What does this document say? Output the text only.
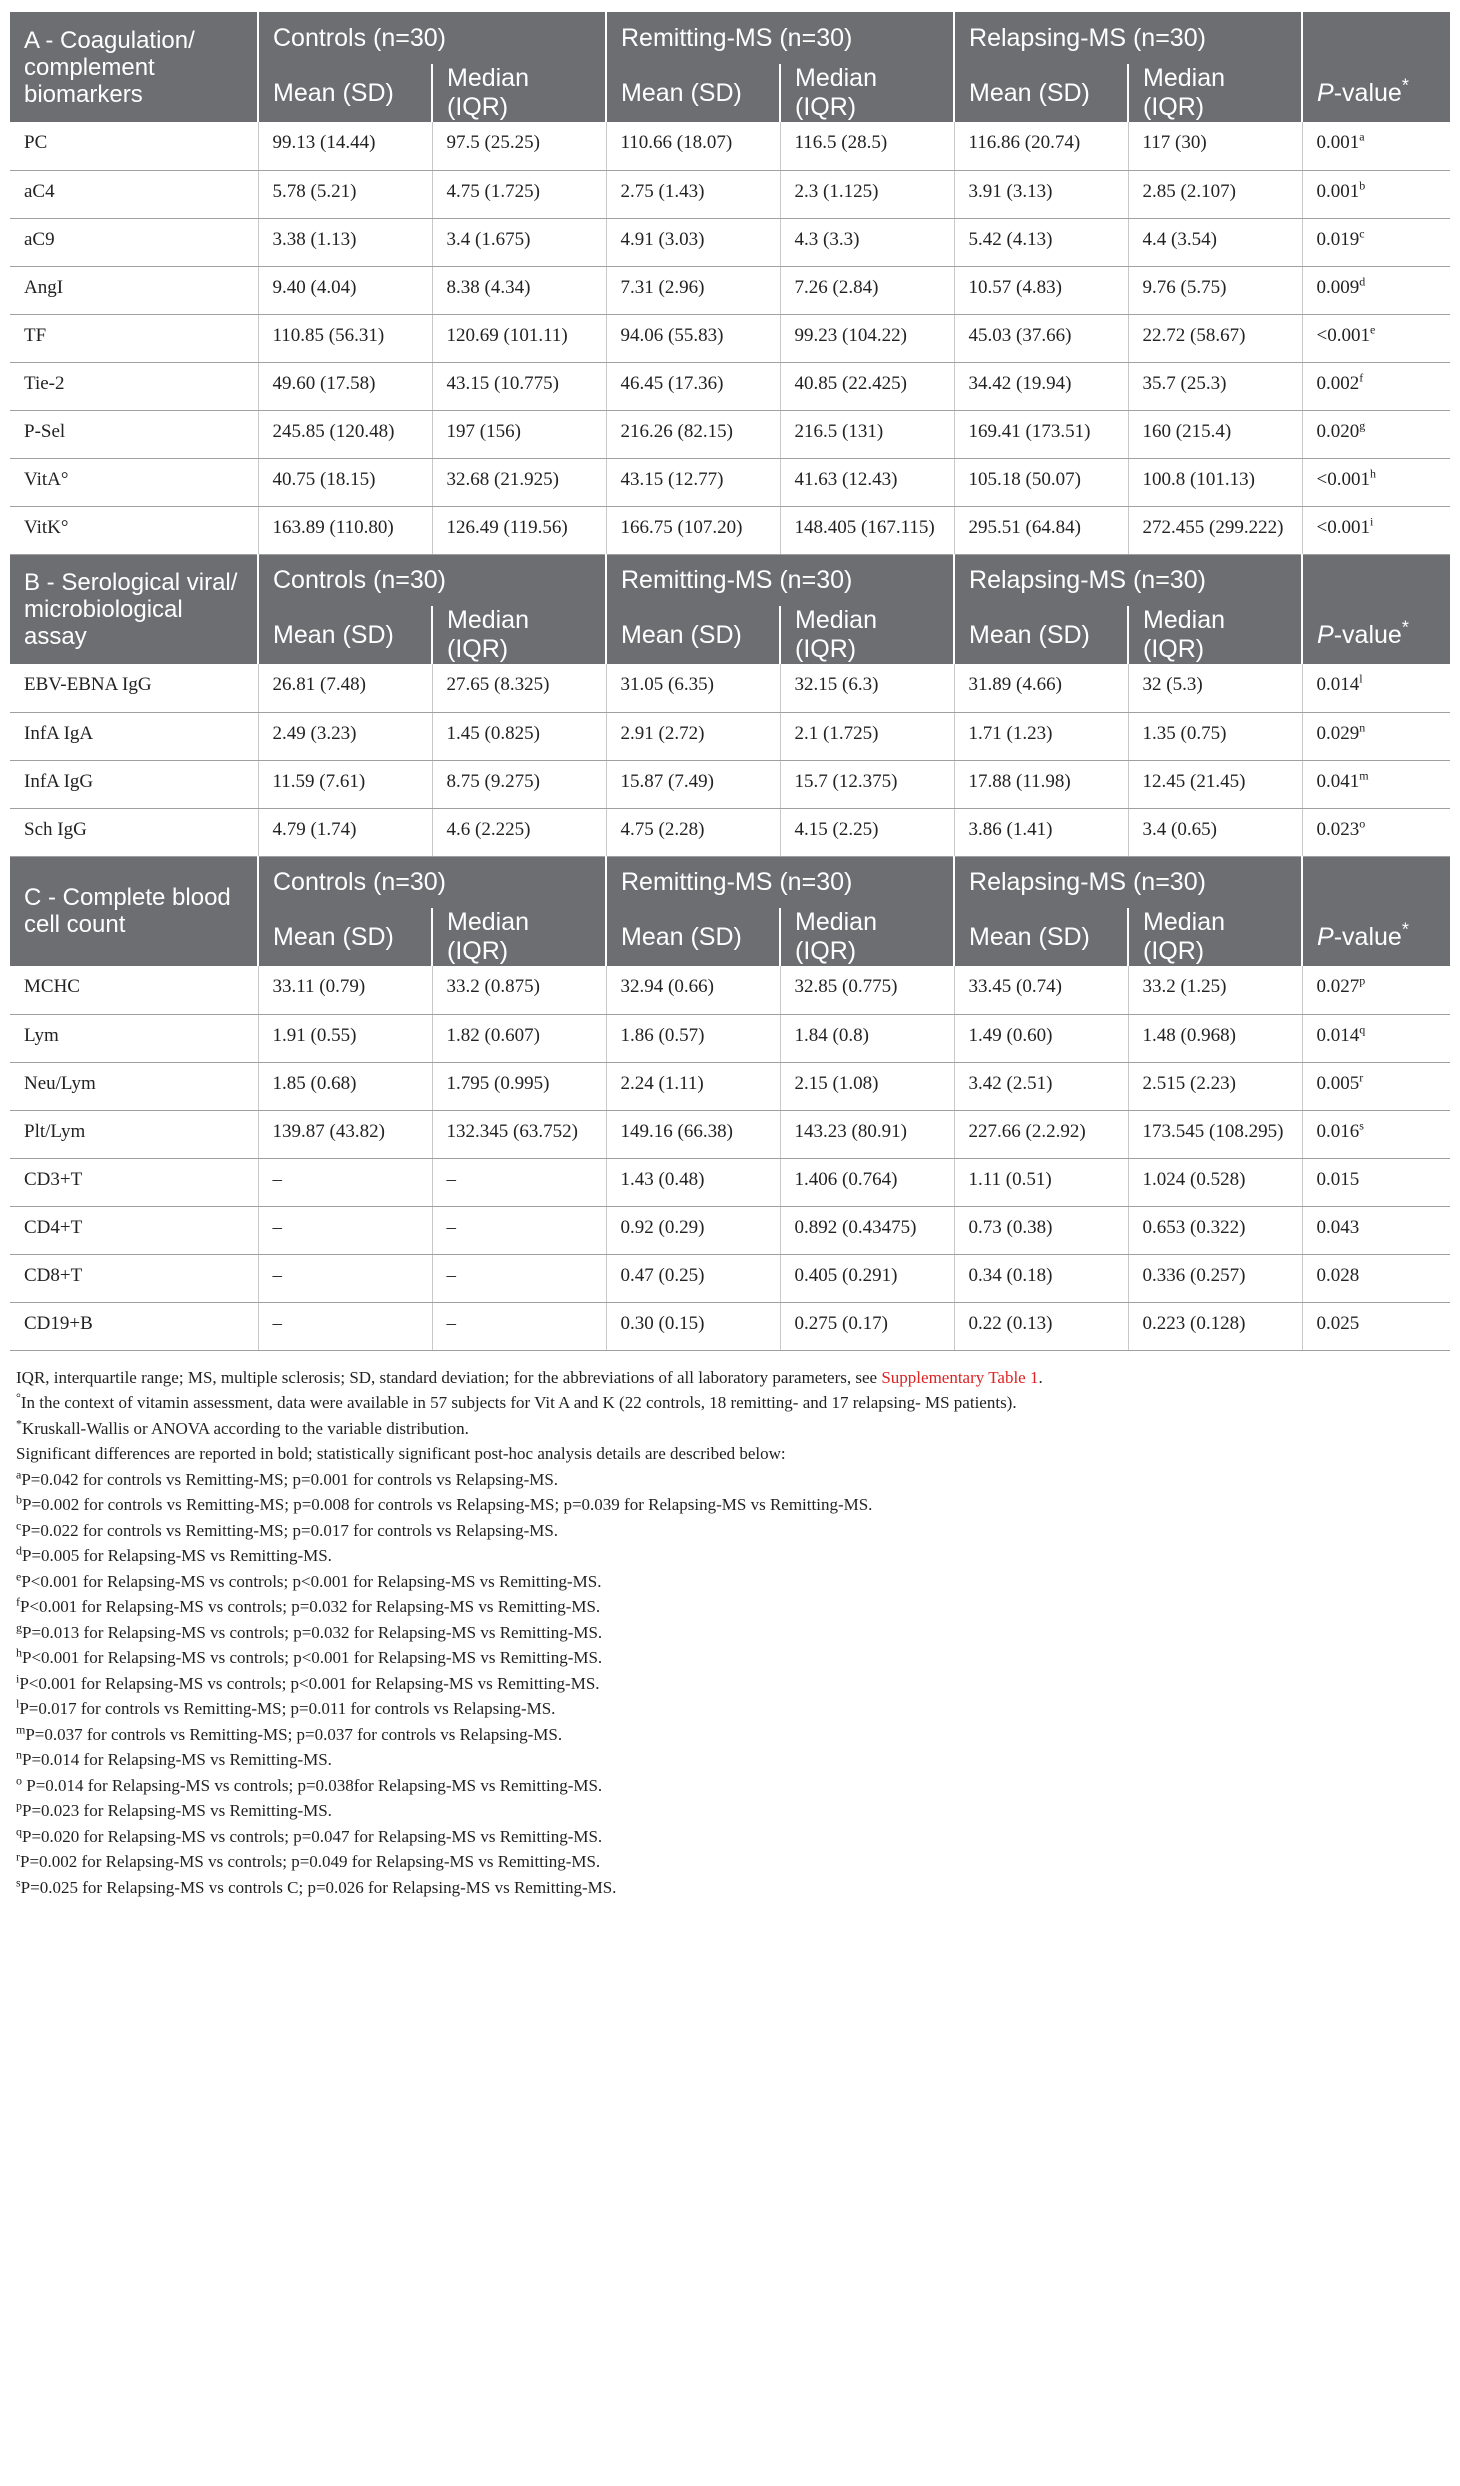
A - Coagulation/
complement
biomarkers	Controls (n=30)		Remitting-MS (n=30)		Relapsing-MS (n=30)		
	Mean (SD)	Median (IQR)	Mean (SD)	Median (IQR)	Mean (SD)	Median (IQR)	P-value*
PC	99.13 (14.44)	97.5 (25.25)	110.66 (18.07)	116.5 (28.5)	116.86 (20.74)	117 (30)	0.001$^a$
aC4	5.78 (5.21)	4.75 (1.725)	2.75 (1.43)	2.3 (1.125)	3.91 (3.13)	2.85 (2.107)	0.001$^b$
aC9	3.38 (1.13)	3.4 (1.675)	4.91 (3.03)	4.3 (3.3)	5.42 (4.13)	4.4 (3.54)	0.019$^c$
AngI	9.40 (4.04)	8.38 (4.34)	7.31 (2.96)	7.26 (2.84)	10.57 (4.83)	9.76 (5.75)	0.009$^d$
TF	110.85 (56.31)	120.69 (101.11)	94.06 (55.83)	99.23 (104.22)	45.03 (37.66)	22.72 (58.67)	<0.001$^e$
Tie-2	49.60 (17.58)	43.15 (10.775)	46.45 (17.36)	40.85 (22.425)	34.42 (19.94)	35.7 (25.3)	0.002$^f$
P-Sel	245.85 (120.48)	197 (156)	216.26 (82.15)	216.5 (131)	169.41 (173.51)	160 (215.4)	0.020$^g$
VitA°	40.75 (18.15)	32.68 (21.925)	43.15 (12.77)	41.63 (12.43)	105.18 (50.07)	100.8 (101.13)	<0.001$^h$
VitK°	163.89 (110.80)	126.49 (119.56)	166.75 (107.20)	148.405 (167.115)	295.51 (64.84)	272.455 (299.222)	$<0.001^i$
B - Serological viral/
microbiological
assay	Controls (n=30)		Remitting-MS (n=30)		Relapsing-MS (n=30)		
	Mean (SD)	Median (IQR)	Mean (SD)	Median (IQR)	Mean (SD)	Median (IQR)	P-value*
EBV-EBNA IgG	26.81 (7.48)	27.65 (8.325)	31.05 (6.35)	32.15 (6.3)	31.89 (4.66)	32 (5.3)	0.014$^l$
InfA IgA	2.49 (3.23)	1.45 (0.825)	2.91 (2.72)	2.1 (1.725)	1.71 (1.23)	1.35 (0.75)	0.029$^n$
InfA IgG	11.59 (7.61)	8.75 (9.275)	15.87 (7.49)	15.7 (12.375)	17.88 (11.98)	12.45 (21.45)	0.041$^m$
Sch IgG	4.79 (1.74)	4.6 (2.225)	4.75 (2.28)	4.15 (2.25)	3.86 (1.41)	3.4 (0.65)	0.023$^o$
C - Complete blood
cell count	Controls (n=30)		Remitting-MS (n=30)		Relapsing-MS (n=30)		
	Mean (SD)	Median (IQR)	Mean (SD)	Median (IQR)	Mean (SD)	Median (IQR)	P-value*
MCHC	33.11 (0.79)	33.2 (0.875)	32.94 (0.66)	32.85 (0.775)	33.45 (0.74)	33.2 (1.25)	0.027$^p$
Lym	1.91 (0.55)	1.82 (0.607)	1.86 (0.57)	1.84 (0.8)	1.49 (0.60)	1.48 (0.968)	0.014$^q$
Neu/Lym	1.85 (0.68)	1.795 (0.995)	2.24 (1.11)	2.15 (1.08)	3.42 (2.51)	2.515 (2.23)	0.005$^r$
Plt/Lym	139.87 (43.82)	132.345 (63.752)	149.16 (66.38)	143.23 (80.91)	227.66 (2.2.92)	173.545 (108.295)	0.016$^s$
CD3+T	–	–	1.43 (0.48)	1.406 (0.764)	1.11 (0.51)	1.024 (0.528)	0.015
CD4+T	–	–	0.92 (0.29)	0.892 (0.43475)	0.73 (0.38)	0.653 (0.322)	0.043
CD8+T	–	–	0.47 (0.25)	0.405 (0.291)	0.34 (0.18)	0.336 (0.257)	0.028
CD19+B	–	–	0.30 (0.15)	0.275 (0.17)	0.22 (0.13)	0.223 (0.128)	0.025
IQR, interquartile range; MS, multiple sclerosis; SD, standard deviation; for the abbreviations of all laboratory parameters, see Supplementary Table 1.
°In the context of vitamin assessment, data were available in 57 subjects for Vit A and K (22 controls, 18 remitting- and 17 relapsing- MS patients).
*Kruskall-Wallis or ANOVA according to the variable distribution.
Significant differences are reported in bold; statistically significant post-hoc analysis details are described below:
$^a$P=0.042 for controls vs Remitting-MS; p=0.001 for controls vs Relapsing-MS.
$^b$P=0.002 for controls vs Remitting-MS; p=0.008 for controls vs Relapsing-MS; p=0.039 for Relapsing-MS vs Remitting-MS.
$^c$P=0.022 for controls vs Remitting-MS; p=0.017 for controls vs Relapsing-MS.
$^d$P=0.005 for Relapsing-MS vs Remitting-MS.
$^e$P<0.001 for Relapsing-MS vs controls; p<0.001 for Relapsing-MS vs Remitting-MS.
$^f$P<0.001 for Relapsing-MS vs controls; p=0.032 for Relapsing-MS vs Remitting-MS.
$^g$P=0.013 for Relapsing-MS vs controls; p=0.032 for Relapsing-MS vs Remitting-MS.
$^h$P<0.001 for Relapsing-MS vs controls; p<0.001 for Relapsing-MS vs Remitting-MS.
$^i$P<0.001 for Relapsing-MS vs controls; p<0.001 for Relapsing-MS vs Remitting-MS.
$^l$P=0.017 for controls vs Remitting-MS; p=0.011 for controls vs Relapsing-MS.
$^m$P=0.037 for controls vs Remitting-MS; p=0.037 for controls vs Relapsing-MS.
$^n$P=0.014 for Relapsing-MS vs Remitting-MS.
$^o$ P=0.014 for Relapsing-MS vs controls; p=0.038for Relapsing-MS vs Remitting-MS.
$^p$P=0.023 for Relapsing-MS vs Remitting-MS.
$^q$P=0.020 for Relapsing-MS vs controls; p=0.047 for Relapsing-MS vs Remitting-MS.
$^r$P=0.002 for Relapsing-MS vs controls; p=0.049 for Relapsing-MS vs Remitting-MS.
$^s$P=0.025 for Relapsing-MS vs controls C; p=0.026 for Relapsing-MS vs Remitting-MS.
